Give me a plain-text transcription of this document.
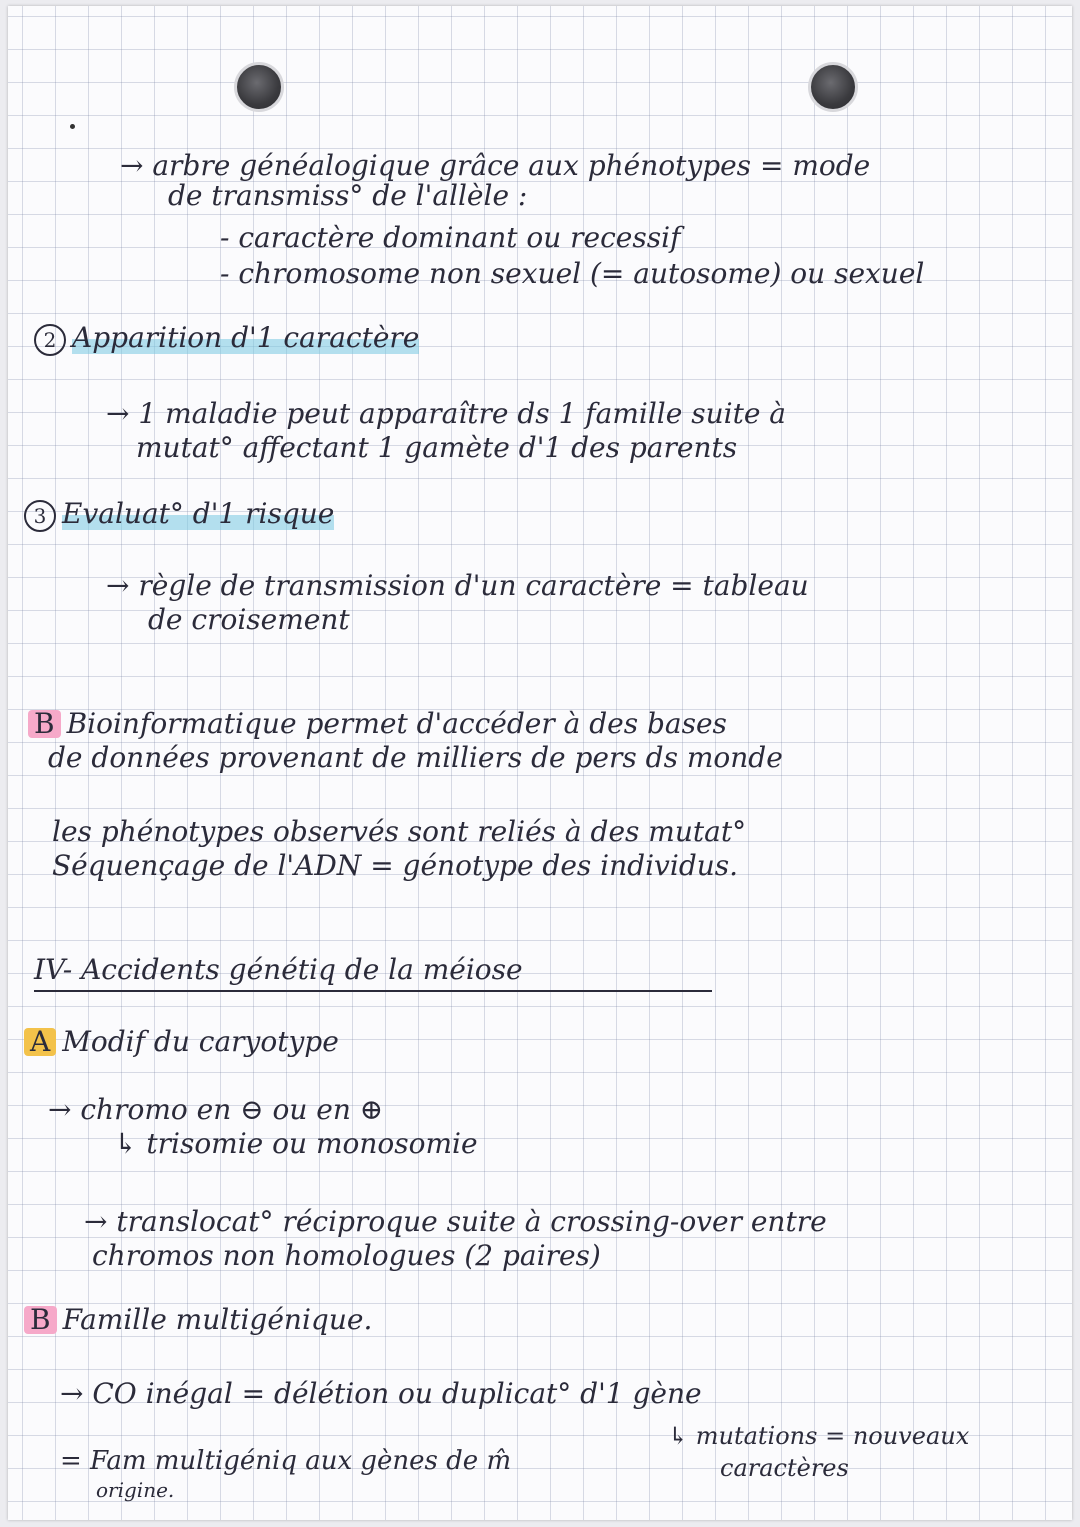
→ arbre généalogique grâce aux phénotypes = mode
de transmiss° de l'allèle :
- caractère dominant ou recessif
- chromosome non sexuel (= autosome) ou sexuel
2 Apparition d'1 caractère
→ 1 maladie peut apparaître ds 1 famille suite à
mutat° affectant 1 gamète d'1 des parents
3 Evaluat° d'1 risque
→ règle de transmission d'un caractère = tableau
de croisement
B Bioinformatique permet d'accéder à des bases
de données provenant de milliers de pers ds monde
les phénotypes observés sont reliés à des mutat°
Séquençage de l'ADN = génotype des individus.
IV- Accidents génétiq de la méiose
A Modif du caryotype
→ chromo en ⊖ ou en ⊕
↳ trisomie ou monosomie
→ translocat° réciproque suite à crossing-over entre
chromos non homologues (2 paires)
B Famille multigénique.
→ CO inégal = délétion ou duplicat° d'1 gène
↳ mutations = nouveaux
caractères
= Fam multigéniq aux gènes de m̂
origine.
